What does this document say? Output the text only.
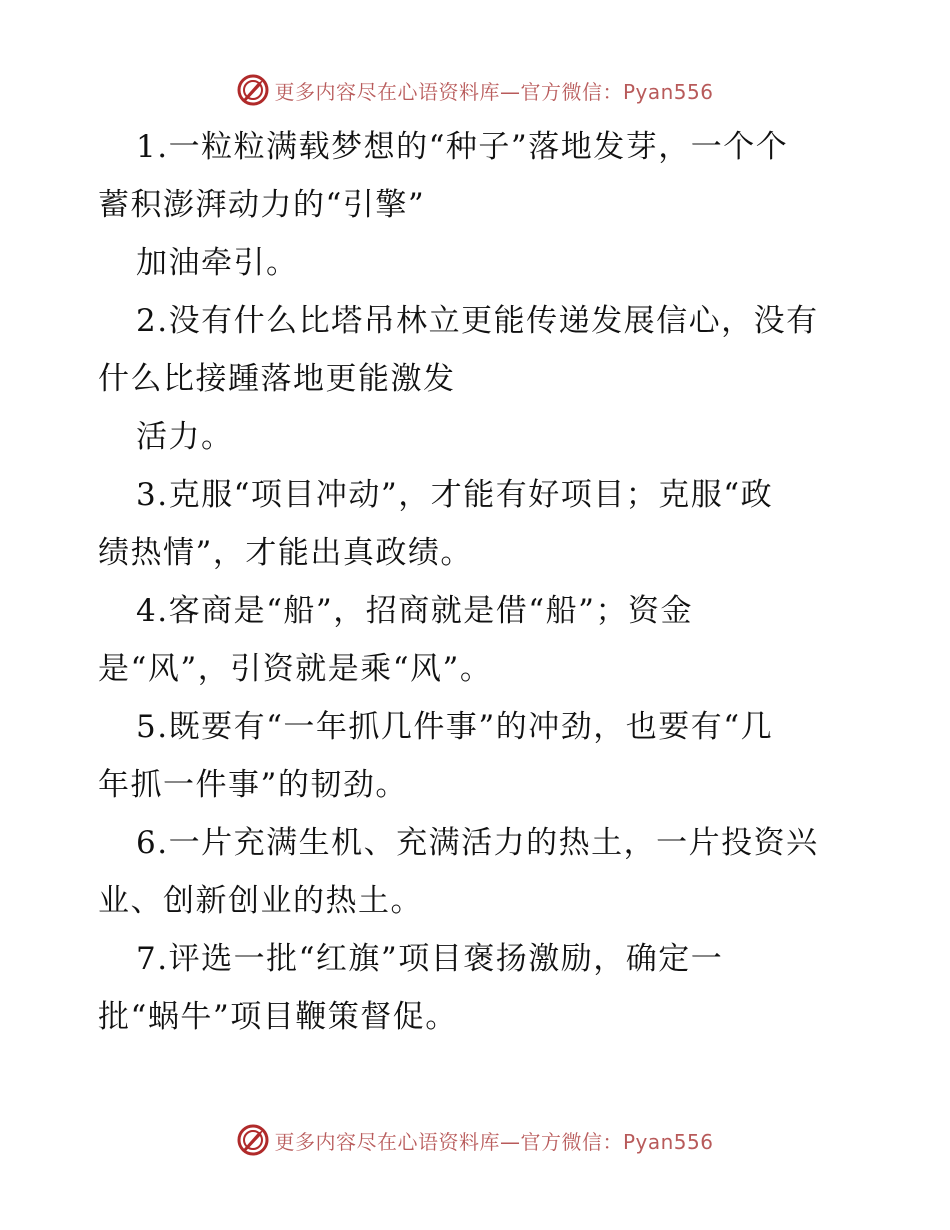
更多内容尽在心语资料库—官方微信：Pyan556

1.一粒粒满载梦想的“种子”落地发芽，一个个

蓄积澎湃动力的“引擎”

加油牵引。

2.没有什么比塔吊林立更能传递发展信心，没有

什么比接踵落地更能激发

活力。

3.克服“项目冲动”，才能有好项目；克服“政

绩热情”，才能出真政绩。

4.客商是“船”，招商就是借“船”；资金

是“风”，引资就是乘“风”。

5.既要有“一年抓几件事”的冲劲，也要有“几

年抓一件事”的韧劲。

6.一片充满生机、充满活力的热土，一片投资兴

业、创新创业的热土。

7.评选一批“红旗”项目褒扬激励，确定一

批“蜗牛”项目鞭策督促。

更多内容尽在心语资料库—官方微信：Pyan556
